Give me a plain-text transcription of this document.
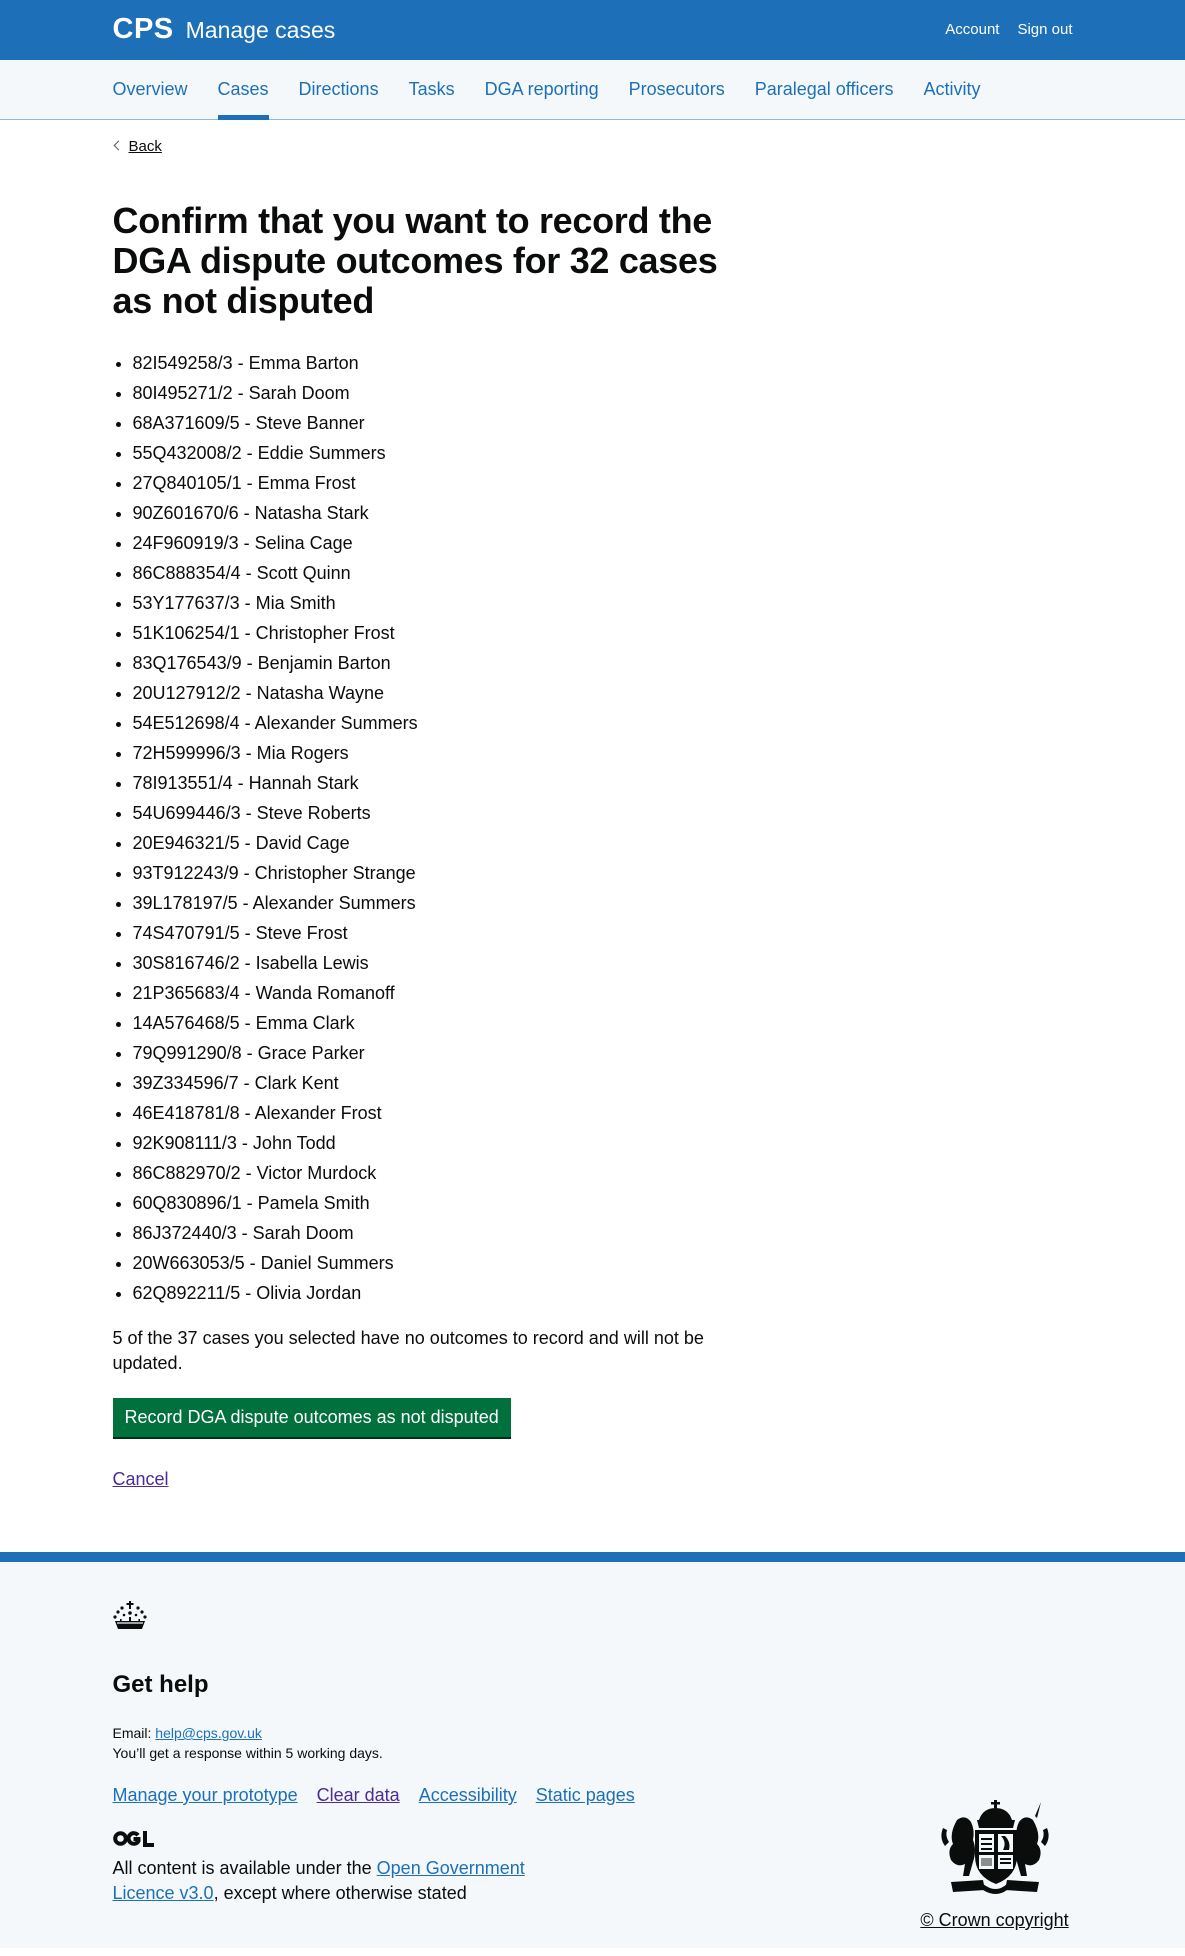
CPS Manage cases	Account Sign out
Overview Cases Directions Tasks DGA reporting Prosecutors Paralegal officers Activity
Back
Confirm that you want to record the DGA dispute outcomes for 32 cases as not disputed
• 82I549258/3 - Emma Barton
• 80I495271/2 - Sarah Doom
• 68A371609/5 - Steve Banner
• 55Q432008/2 - Eddie Summers
• 27Q840105/1 - Emma Frost
• 90Z601670/6 - Natasha Stark
• 24F960919/3 - Selina Cage
• 86C888354/4 - Scott Quinn
• 53Y177637/3 - Mia Smith
• 51K106254/1 - Christopher Frost
• 83Q176543/9 - Benjamin Barton
• 20U127912/2 - Natasha Wayne
• 54E512698/4 - Alexander Summers
• 72H599996/3 - Mia Rogers
• 78I913551/4 - Hannah Stark
• 54U699446/3 - Steve Roberts
• 20E946321/5 - David Cage
• 93T912243/9 - Christopher Strange
• 39L178197/5 - Alexander Summers
• 74S470791/5 - Steve Frost
• 30S816746/2 - Isabella Lewis
• 21P365683/4 - Wanda Romanoff
• 14A576468/5 - Emma Clark
• 79Q991290/8 - Grace Parker
• 39Z334596/7 - Clark Kent
• 46E418781/8 - Alexander Frost
• 92K908111/3 - John Todd
• 86C882970/2 - Victor Murdock
• 60Q830896/1 - Pamela Smith
• 86J372440/3 - Sarah Doom
• 20W663053/5 - Daniel Summers
• 62Q892211/5 - Olivia Jordan

5 of the 37 cases you selected have no outcomes to record and will not be updated.

Record DGA dispute outcomes as not disputed
Cancel
Get help

Email: help@cps.gov.uk

You’ll get a response within 5 working days.

Manage your prototype Clear data Accessibility Static pages

All content is available under the Open Government Licence v3.0, except where otherwise stated

© Crown copyright
